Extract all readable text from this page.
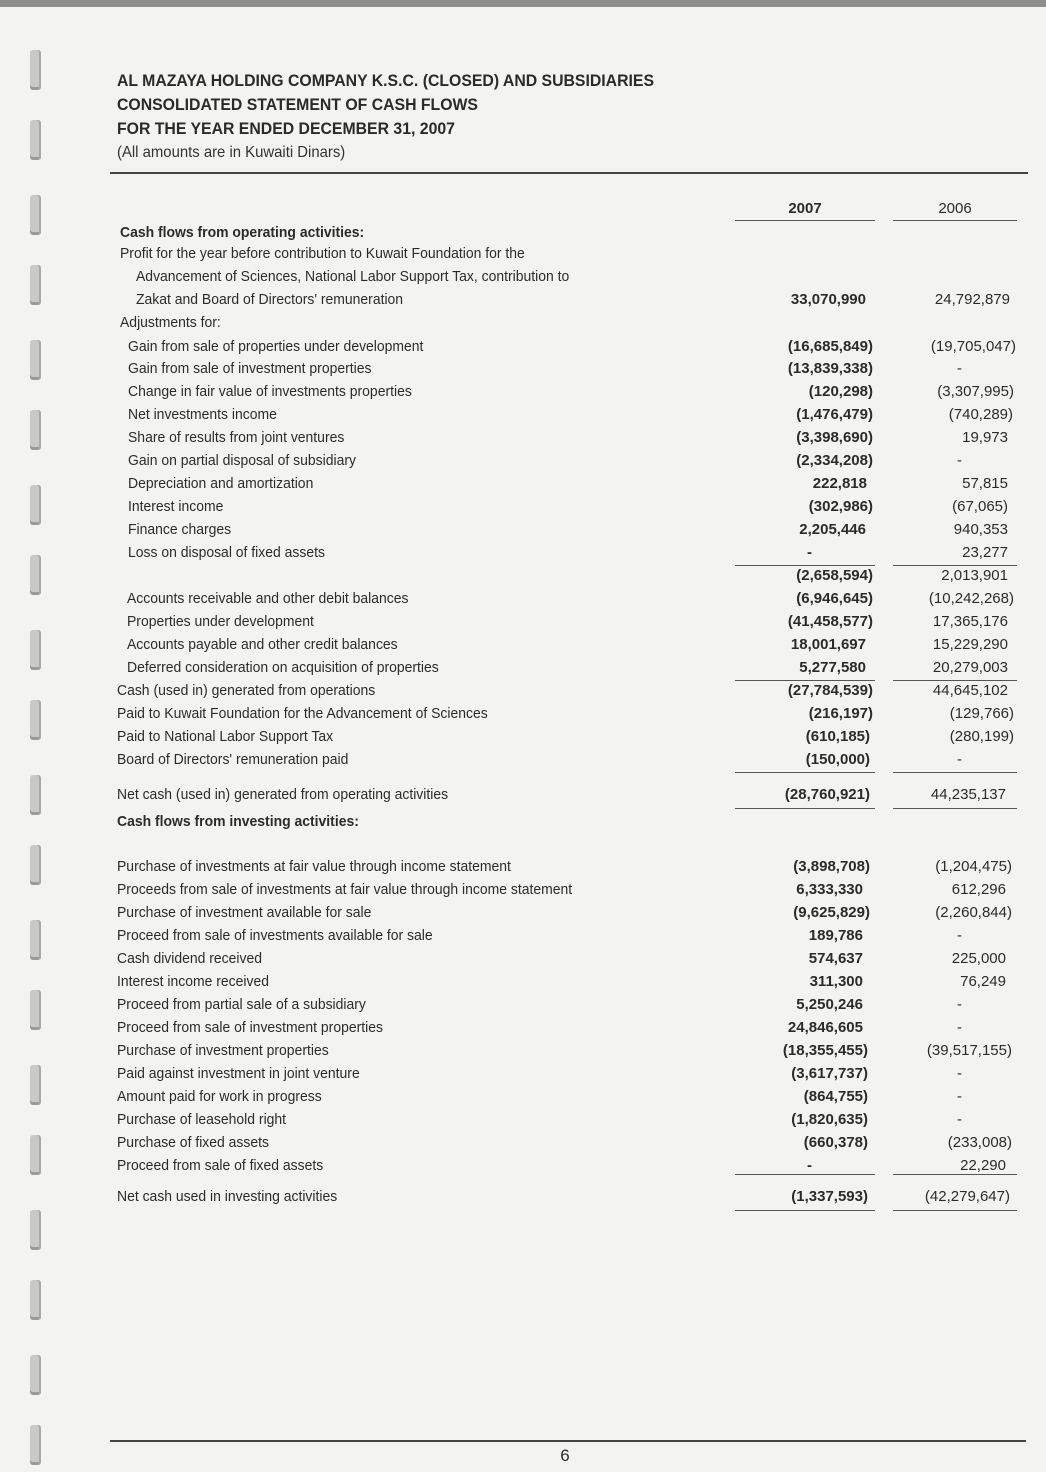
AL MAZAYA HOLDING COMPANY K.S.C. (CLOSED) AND SUBSIDIARIES
CONSOLIDATED STATEMENT OF CASH FLOWS
FOR THE YEAR ENDED DECEMBER 31, 2007
(All amounts are in Kuwaiti Dinars)
2007	2006
Cash flows from operating activities:
Profit for the year before contribution to Kuwait Foundation for the
Advancement of Sciences, National Labor Support Tax, contribution to
Zakat and Board of Directors' remuneration	33,070,990	24,792,879
Adjustments for:
Gain from sale of properties under development	(16,685,849)	(19,705,047)
Gain from sale of investment properties	(13,839,338)	-
Change in fair value of investments properties	(120,298)	(3,307,995)
Net investments income	(1,476,479)	(740,289)
Share of results from joint ventures	(3,398,690)	19,973
Gain on partial disposal of subsidiary	(2,334,208)	-
Depreciation and amortization	222,818	57,815
Interest income	(302,986)	(67,065)
Finance charges	2,205,446	940,353
Loss on disposal of fixed assets	-	23,277
(2,658,594)	2,013,901
Accounts receivable and other debit balances	(6,946,645)	(10,242,268)
Properties under development	(41,458,577)	17,365,176
Accounts payable and other credit balances	18,001,697	15,229,290
Deferred consideration on acquisition of properties	5,277,580	20,279,003
Cash (used in) generated from operations	(27,784,539)	44,645,102
Paid to Kuwait Foundation for the Advancement of Sciences	(216,197)	(129,766)
Paid to National Labor Support Tax	(610,185)	(280,199)
Board of Directors' remuneration paid	(150,000)	-
Net cash (used in) generated from operating activities	(28,760,921)	44,235,137
Cash flows from investing activities:
Purchase of investments at fair value through income statement	(3,898,708)	(1,204,475)
Proceeds from sale of investments at fair value through income statement	6,333,330	612,296
Purchase of investment available for sale	(9,625,829)	(2,260,844)
Proceed from sale of investments available for sale	189,786	-
Cash dividend received	574,637	225,000
Interest income received	311,300	76,249
Proceed from partial sale of a subsidiary	5,250,246	-
Proceed from sale of investment properties	24,846,605	-
Purchase of investment properties	(18,355,455)	(39,517,155)
Paid against investment in joint venture	(3,617,737)	-
Amount paid for work in progress	(864,755)	-
Purchase of leasehold right	(1,820,635)	-
Purchase of fixed assets	(660,378)	(233,008)
Proceed from sale of fixed assets	-	22,290
Net cash used in investing activities	(1,337,593)	(42,279,647)
6
